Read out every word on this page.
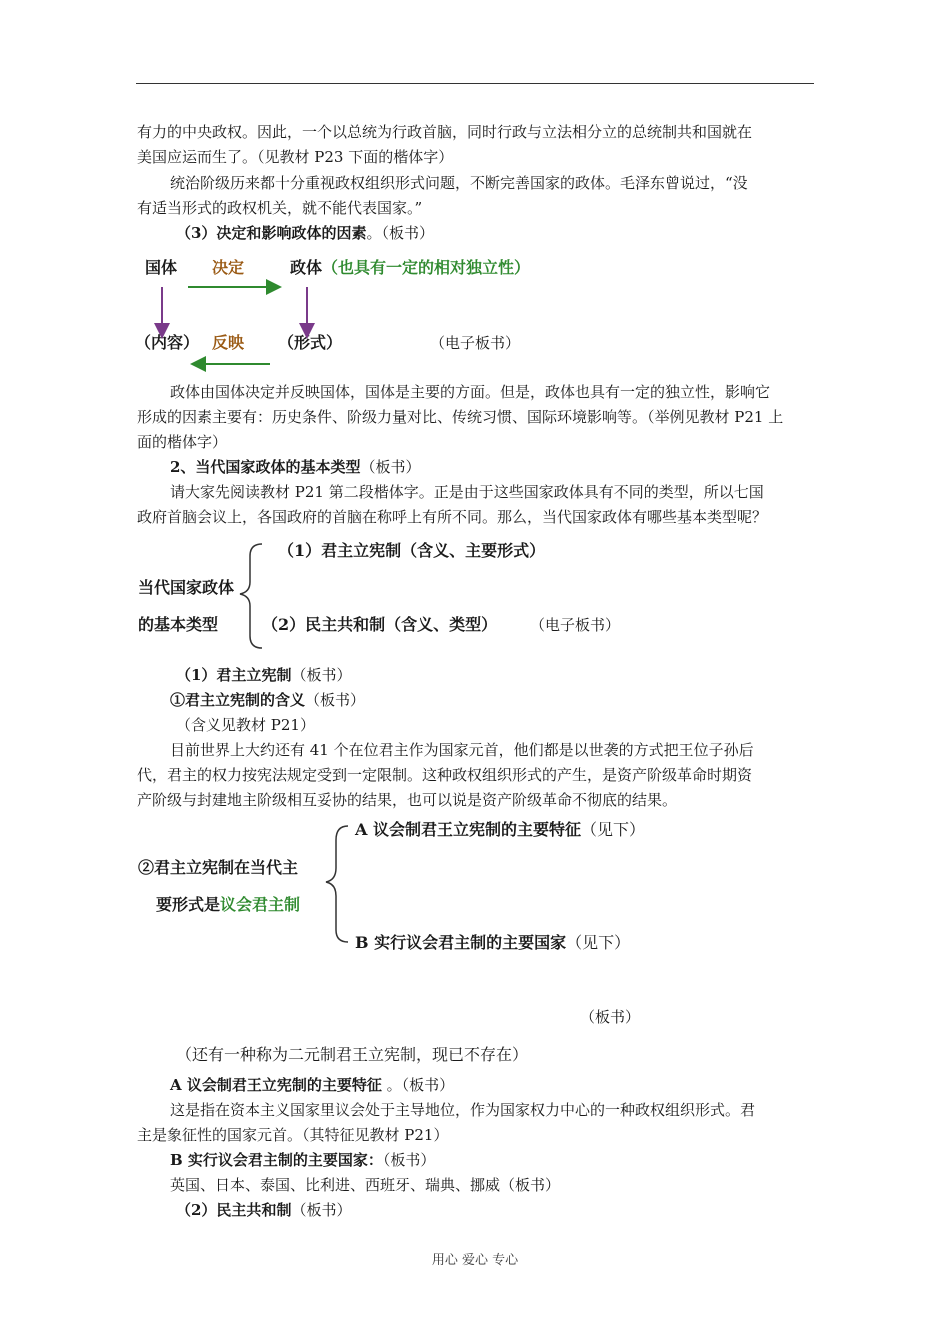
有力的中央政权。因此，一个以总统为行政首脑，同时行政与立法相分立的总统制共和国就在
美国应运而生了。（见教材 P23 下面的楷体字）
统治阶级历来都十分重视政权组织形式问题，不断完善国家的政体。毛泽东曾说过，“没
有适当形式的政权机关，就不能代表国家。”
（3）决定和影响政体的因素。（板书）
国体 决定	政体 （也具有一定的相对独立性）
（内容） 反映 （形式）	（电子板书）
政体由国体决定并反映国体，国体是主要的方面。但是，政体也具有一定的独立性，影响它
形成的因素主要有：历史条件、阶级力量对比、传统习惯、国际环境影响等。（举例见教材 P21 上
面的楷体字）
2、当代国家政体的基本类型（板书）
请大家先阅读教材 P21 第二段楷体字。正是由于这些国家政体具有不同的类型，所以七国
政府首脑会议上，各国政府的首脑在称呼上有所不同。那么，当代国家政体有哪些基本类型呢？
当代国家政体
的基本类型
（1）君主立宪制（含义、主要形式）
（2）民主共和制（含义、类型） （电子板书）
（1）君主立宪制（板书）
①君主立宪制的含义（板书）
（含义见教材 P21）
目前世界上大约还有 41 个在位君主作为国家元首，他们都是以世袭的方式把王位子孙后
代，君主的权力按宪法规定受到一定限制。这种政权组织形式的产生，是资产阶级革命时期资
产阶级与封建地主阶级相互妥协的结果，也可以说是资产阶级革命不彻底的结果。
②君主立宪制在当代主
要形式是议会君主制
A 议会制君王立宪制的主要特征（见下）
B 实行议会君主制的主要国家（见下）
（板书）
（还有一种称为二元制君王立宪制，现已不存在）
A 议会制君王立宪制的主要特征 。（板书）
这是指在资本主义国家里议会处于主导地位，作为国家权力中心的一种政权组织形式。君
主是象征性的国家元首。（其特征见教材 P21）
B 实行议会君主制的主要国家：（板书）
英国、日本、泰国、比利进、西班牙、瑞典、挪威（板书）
（2）民主共和制（板书）
用心 爱心 专心
